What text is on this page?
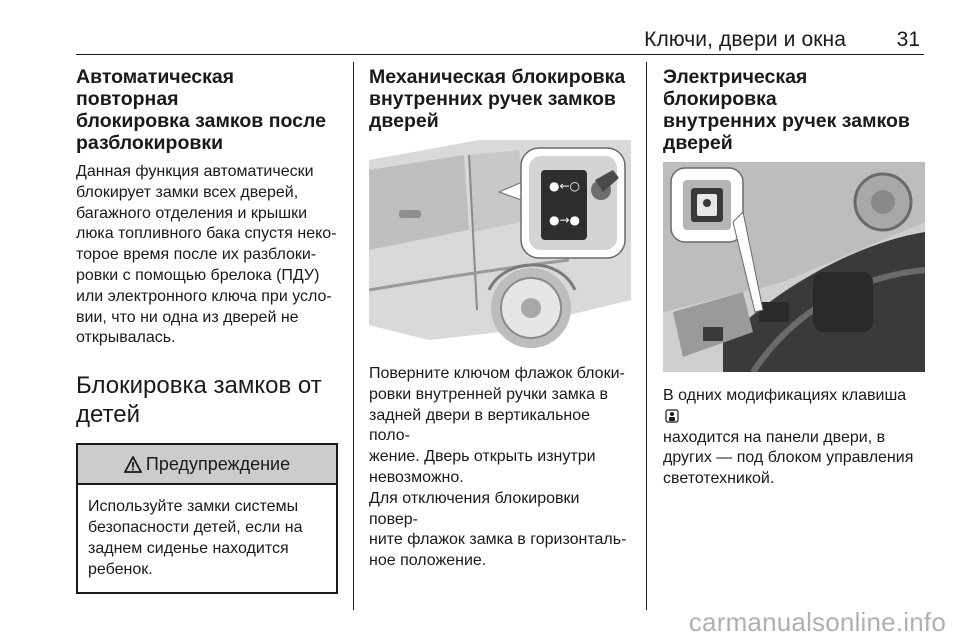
Ключи, двери и окна 31
Автоматическая повторная
блокировка замков после
разблокировки

Данная функция автоматически
блокирует замки всех дверей,
багажного отделения и крышки
люка топливного бака спустя неко-
торое время после их разблоки-
ровки с помощью брелока (ПДУ)
или электронного ключа при усло-
вии, что ни одна из дверей не
открывалась.

Блокировка замков от
детей
Предупреждение
Используйте замки системы
безопасности детей, если на
заднем сиденье находится
ребенок.
Механическая блокировка
внутренних ручек замков
дверей
●←○
●→●

Поверните ключом флажок блоки-
ровки внутренней ручки замка в
задней двери в вертикальное поло-
жение. Дверь открыть изнутри
невозможно.

Для отключения блокировки повер-
ните флажок замка в горизонталь-
ное положение.

Электрическая блокировка
внутренних ручек замков
дверей

В одних модификациях клавиша
находится на панели двери, в
других — под блоком управления
светотехникой.

carmanualsonline.info
